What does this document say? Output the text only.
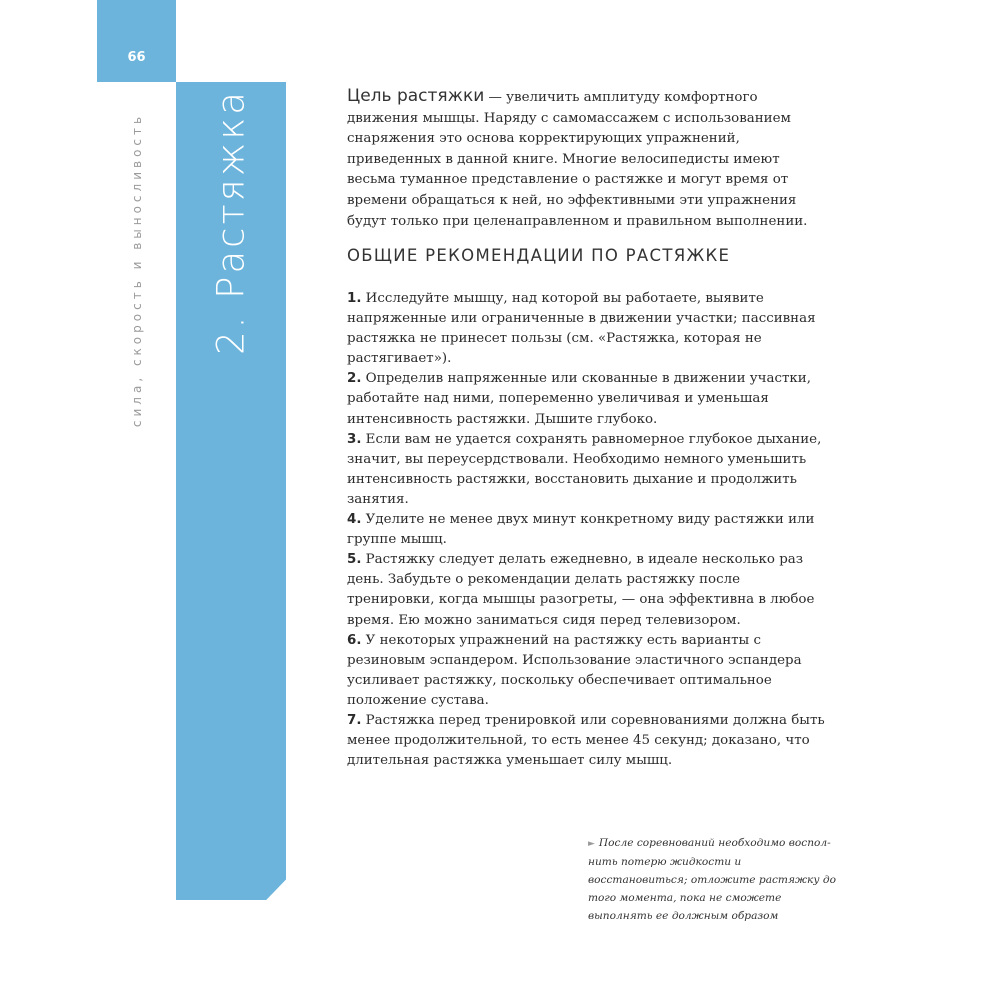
66
сила, скорость и выносливость 2. Растяжка	Цель растяжки — увеличить амплитуду комфортного движения мышцы. Наряду с самомассажем с использованием снаряжения это основа корректирующих упражнений, приведенных в данной книге. Многие велосипедисты имеют весьма туманное представление о растяжке и могут время от времени обращаться к ней, но эффективными эти упражнения будут только при целенаправленном и правильном выполнении.

ОБЩИЕ РЕКОМЕНДАЦИИ ПО РАСТЯЖКЕ
1. Исследуйте мышцу, над которой вы работаете, выявите напряженные или ограниченные в движении участки; пассивная растяжка не принесет пользы (см. «Растяжка, которая не растягивает»).
2. Определив напряженные или скованные в движении участки, работайте над ними, попеременно увеличивая и уменьшая интенсивность растяжки. Дышите глубоко.
3. Если вам не удается сохранять равномерное глубокое дыхание, значит, вы переусердствовали. Необходимо немного уменьшить интенсивность растяжки, восстановить дыхание и продолжить занятия.
4. Уделите не менее двух минут конкретному виду растяжки или группе мышц.
5. Растяжку следует делать ежедневно, в идеале несколько раз день. Забудьте о рекомендации делать растяжку после тренировки, когда мышцы разогреты, — она эффективна в любое время. Ею можно заниматься сидя перед телевизором.
6. У некоторых упражнений на растяжку есть варианты с резиновым эспандером. Использование эластичного эспандера усиливает растяжку, поскольку обеспечивает оптимальное положение сустава.
7. Растяжка перед тренировкой или соревнованиями должна быть менее продолжительной, то есть менее 45 секунд; доказано, что длительная растяжка уменьшает силу мышц.

► После соревнований необходимо восполнить потерю жидкости и восстановиться; отложите растяжку до того момента, пока не сможете выполнять ее должным образом
